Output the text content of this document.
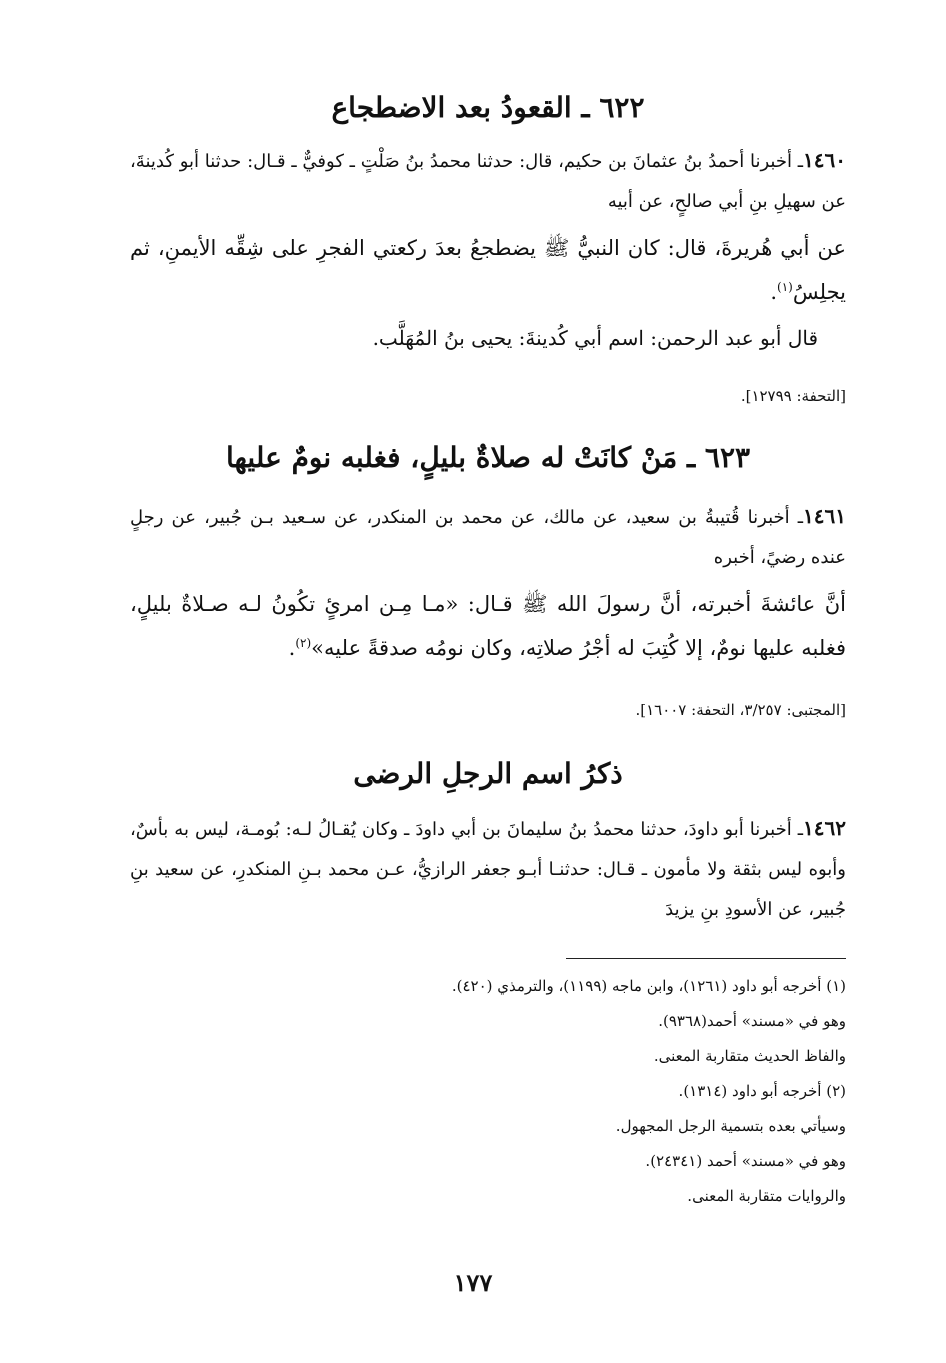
٦٢٢ ـ القعودُ بعد الاضطجاع

١٤٦٠ـ أخبرنا أحمدُ بنُ عثمانَ بن حكيم، قال: حدثنا محمدُ بنُ صَلْتٍ ـ كوفيٌّ ـ قـال: حدثنا أبو كُدينةَ، عن سهيلِ بنِ أبي صالحٍ، عن أبيه

عن أبي هُريرةَ، قال: كان النبيُّ ﷺ يضطجعُ بعدَ ركعتي الفجرِ على شِقِّه الأيمنِ، ثم يجلِسُ$^{(١)}$.

قال أبو عبد الرحمن: اسم أبي كُدينةَ: يحيى بنُ المُهَلَّب.

[التحفة: ١٢٧٩٩].

٦٢٣ ـ مَنْ كانَتْ له صلاةٌ بليلٍ، فغلبه نومٌ عليها

١٤٦١ـ أخبرنا قُتيبةُ بن سعيد، عن مالك، عن محمد بن المنكدر، عن سـعيد بـن جُبير، عن رجلٍ عنده رضيً، أخبره

أنَّ عائشةَ أخبرته، أنَّ رسولَ الله ﷺ قـال: «مـا مِـن امرئٍ تكُونُ لـه صـلاةٌ بليلٍ، فغلبه عليها نومٌ، إلا كُتِبَ له أجْرُ صلاتِه، وكان نومُه صدقةً عليه»$^{(٢)}$.

[المجتبى: ٣/٢٥٧، التحفة: ١٦٠٠٧].

ذكرُ اسم الرجلِ الرضى

١٤٦٢ـ أخبرنا أبو داودَ، حدثنا محمدُ بنُ سليمانَ بن أبي داودَ ـ وكان يُقـالُ لـه: بُومـة، ليس به بأسٌ، وأبوه ليس بثقة ولا مأمون ـ قـال: حدثنـا أبـو جعفر الرازيُّ، عـن محمد بـنِ المنكدرِ، عن سعيد بنِ جُبير، عن الأسودِ بنِ يزيدَ

(١) أخرجه أبو داود (١٢٦١)، وابن ماجه (١١٩٩)، والترمذي (٤٢٠).
وهو في «مسند» أحمد(٩٣٦٨).
والفاظ الحديث متقاربة المعنى.
(٢) أخرجه أبو داود (١٣١٤).
وسيأتي بعده بتسمية الرجل المجهول.
وهو في «مسند» أحمد (٢٤٣٤١).
والروايات متقاربة المعنى.
١٧٧
